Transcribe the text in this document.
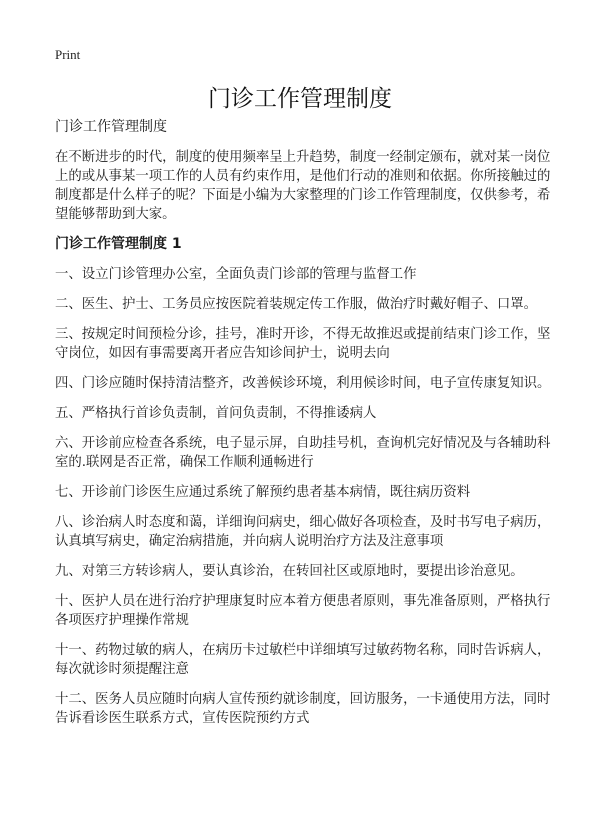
Print
门诊工作管理制度

门诊工作管理制度

在不断进步的时代，制度的使用频率呈上升趋势，制度一经制定颁布，就对某一岗位上的或从事某一项工作的人员有约束作用，是他们行动的准则和依据。你所接触过的制度都是什么样子的呢？下面是小编为大家整理的门诊工作管理制度，仅供参考，希望能够帮助到大家。

门诊工作管理制度 1

一、设立门诊管理办公室，全面负责门诊部的管理与监督工作

二、医生、护士、工务员应按医院着装规定传工作服，做治疗时戴好帽子、口罩。

三、按规定时间预检分诊，挂号，准时开诊，不得无故推迟或提前结束门诊工作，坚守岗位，如因有事需要离开者应告知诊间护士，说明去向

四、门诊应随时保持清洁整齐，改善候诊环境，利用候诊时间，电子宣传康复知识。

五、严格执行首诊负责制，首问负责制，不得推诿病人

六、开诊前应检查各系统，电子显示屏，自助挂号机，查询机完好情况及与各辅助科室的.联网是否正常，确保工作顺利通畅进行

七、开诊前门诊医生应通过系统了解预约患者基本病情，既往病历资料

八、诊治病人时态度和蔼，详细询问病史，细心做好各项检查，及时书写电子病历，认真填写病史，确定治病措施，并向病人说明治疗方法及注意事项

九、对第三方转诊病人，要认真诊治，在转回社区或原地时，要提出诊治意见。

十、医护人员在进行治疗护理康复时应本着方便患者原则，事先准备原则，严格执行各项医疗护理操作常规

十一、药物过敏的病人，在病历卡过敏栏中详细填写过敏药物名称，同时告诉病人，每次就诊时须提醒注意

十二、医务人员应随时向病人宣传预约就诊制度，回访服务，一卡通使用方法，同时告诉看诊医生联系方式，宣传医院预约方式
